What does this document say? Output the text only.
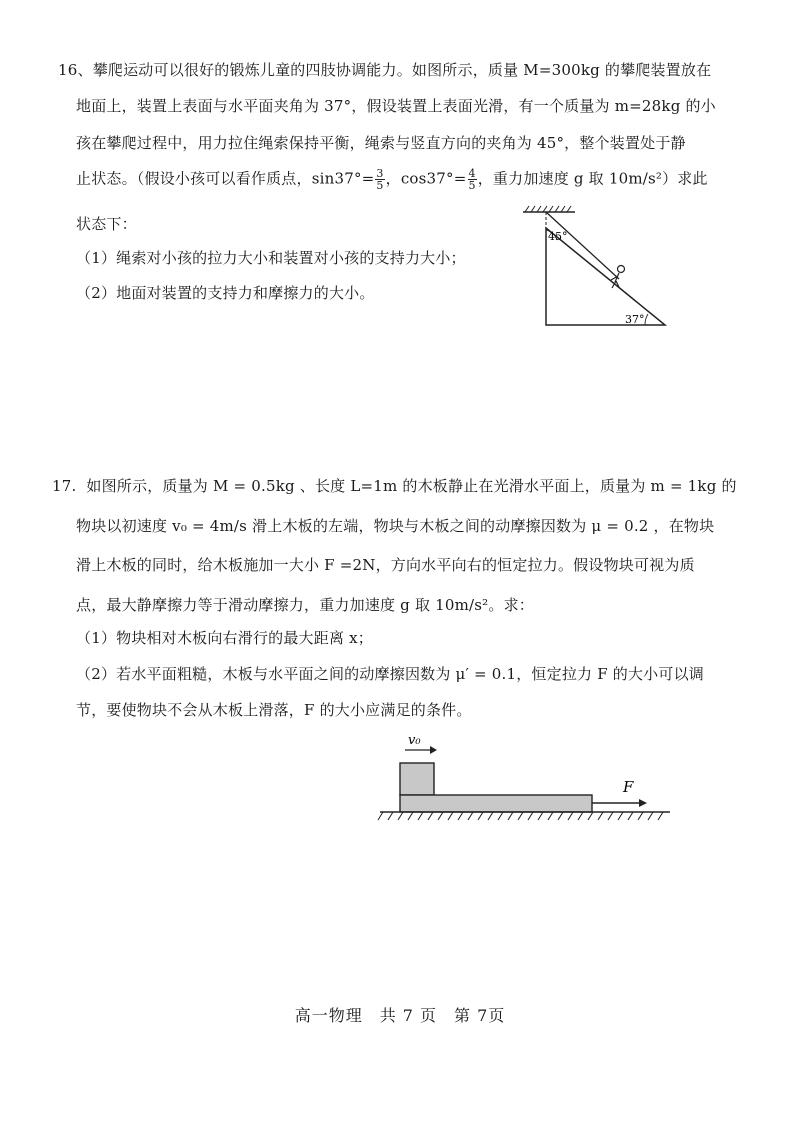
16、攀爬运动可以很好的锻炼儿童的四肢协调能力。如图所示，质量 M=300kg 的攀爬装置放在
地面上，装置上表面与水平面夹角为 37°，假设装置上表面光滑，有一个质量为 m=28kg 的小
孩在攀爬过程中，用力拉住绳索保持平衡，绳索与竖直方向的夹角为 45°，整个装置处于静
止状态。（假设小孩可以看作质点，$\sin 37^\circ= \frac{3}{5}$ ，$\cos 37^\circ= \frac{4}{5}$ ，重力加速度 g 取 10m/s²）求此
状态下：
（1）绳索对小孩的拉力大小和装置对小孩的支持力大小；
（2）地面对装置的支持力和摩擦力的大小。
45°
37°
17. 如图所示，质量为 M = 0.5kg 、长度 L=1m 的木板静止在光滑水平面上，质量为 m = 1kg 的
物块以初速度 v₀ = 4m/s 滑上木板的左端，物块与木板之间的动摩擦因数为 μ = 0.2 ，在物块
滑上木板的同时，给木板施加一大小 F =2N，方向水平向右的恒定拉力。假设物块可视为质
点，最大静摩擦力等于滑动摩擦力，重力加速度 g 取 10m/s²。求：
（1）物块相对木板向右滑行的最大距离 x；
（2）若水平面粗糙，木板与水平面之间的动摩擦因数为 μ′ = 0.1，恒定拉力 F 的大小可以调
节，要使物块不会从木板上滑落，F 的大小应满足的条件。
v₀
F
高一物理　共 7 页　第 7页
